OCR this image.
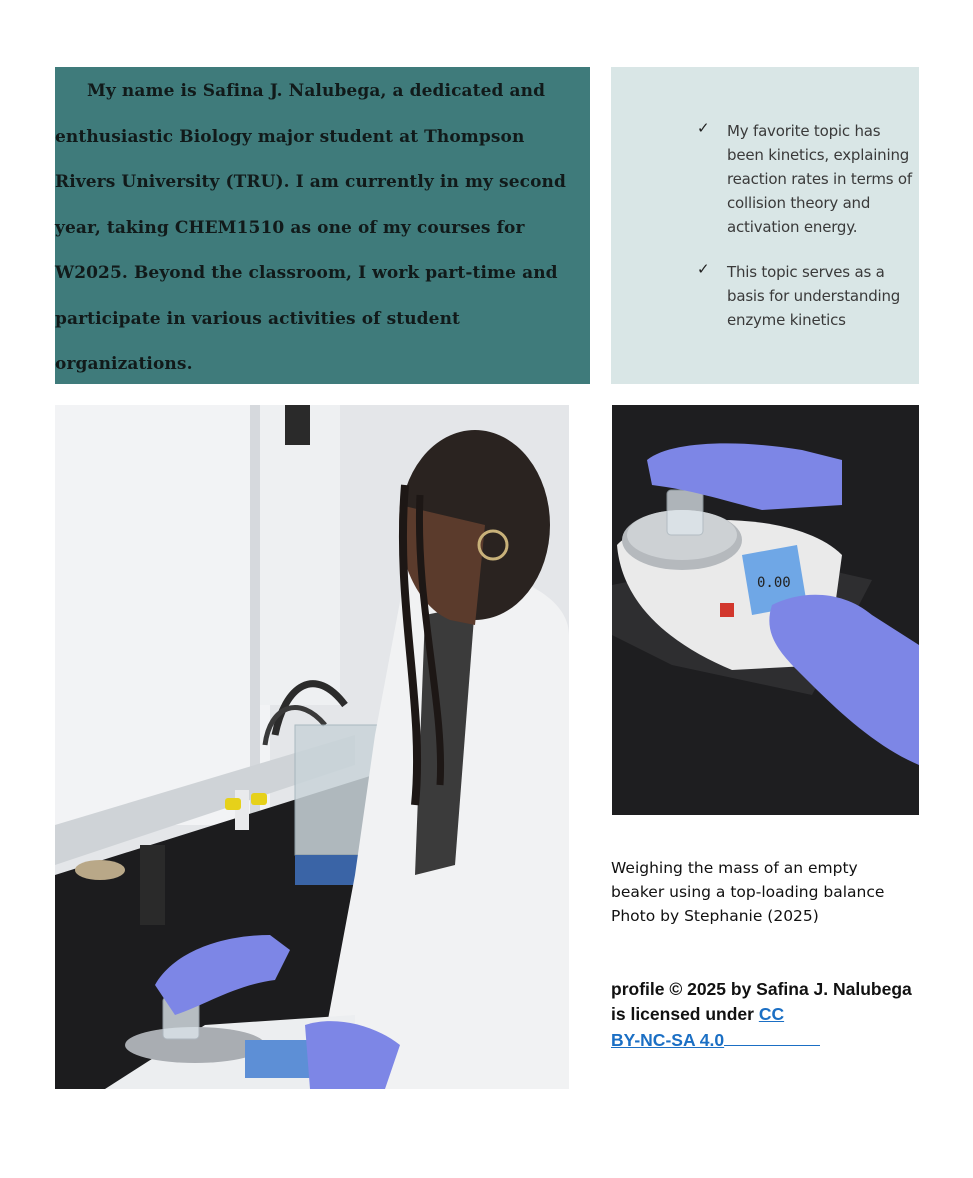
My name is Safina J. Nalubega, a dedicated and enthusiastic Biology major student at Thompson Rivers University (TRU). I am currently in my second year, taking CHEM1510 as one of my courses for W2025. Beyond the classroom, I work part-time and participate in various activities of student organizations.

✓ My favorite topic has been kinetics, explaining reaction rates in terms of collision theory and activation energy.
✓ This topic serves as a basis for understanding enzyme kinetics
0.00
Weighing the mass of an empty
beaker using a top-loading balance
Photo by Stephanie (2025)
profile © 2025 by Safina J. Nalubega is licensed under CC
BY-NC-SA 4.0
